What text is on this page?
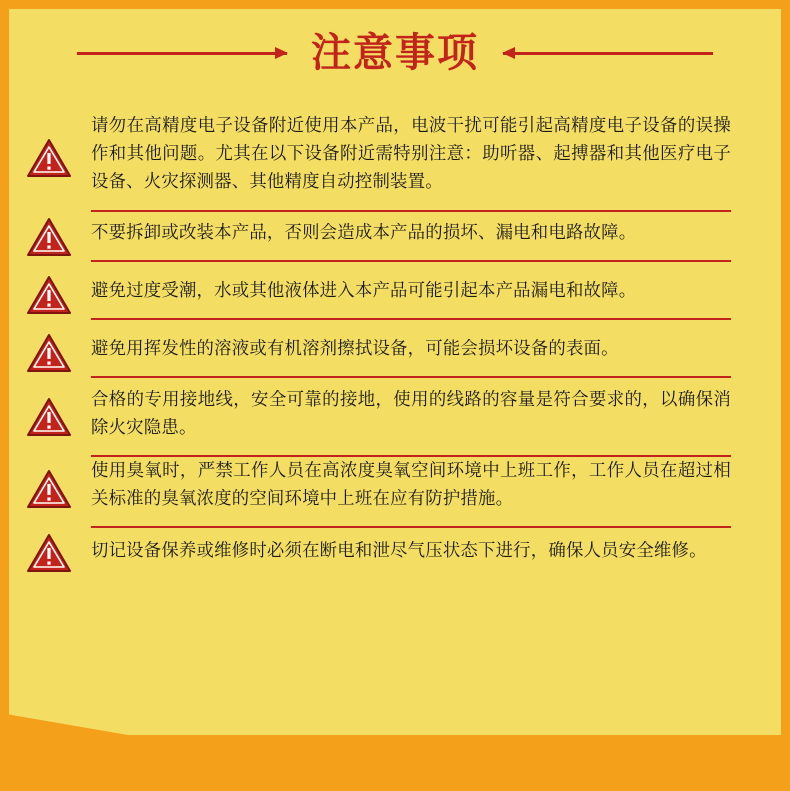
注意事项
请勿在高精度电子设备附近使用本产品，电波干扰可能引起高精度电子设备的误操作和其他问题。尤其在以下设备附近需特别注意：助听器、起搏器和其他医疗电子设备、火灾探测器、其他精度自动控制装置。
不要拆卸或改装本产品，否则会造成本产品的损坏、漏电和电路故障。
避免过度受潮，水或其他液体进入本产品可能引起本产品漏电和故障。
避免用挥发性的溶液或有机溶剂擦拭设备，可能会损坏设备的表面。
合格的专用接地线，安全可靠的接地，使用的线路的容量是符合要求的，以确保消除火灾隐患。
使用臭氧时，严禁工作人员在高浓度臭氧空间环境中上班工作，工作人员在超过相关标准的臭氧浓度的空间环境中上班在应有防护措施。
切记设备保养或维修时必须在断电和泄尽气压状态下进行，确保人员安全维修。
